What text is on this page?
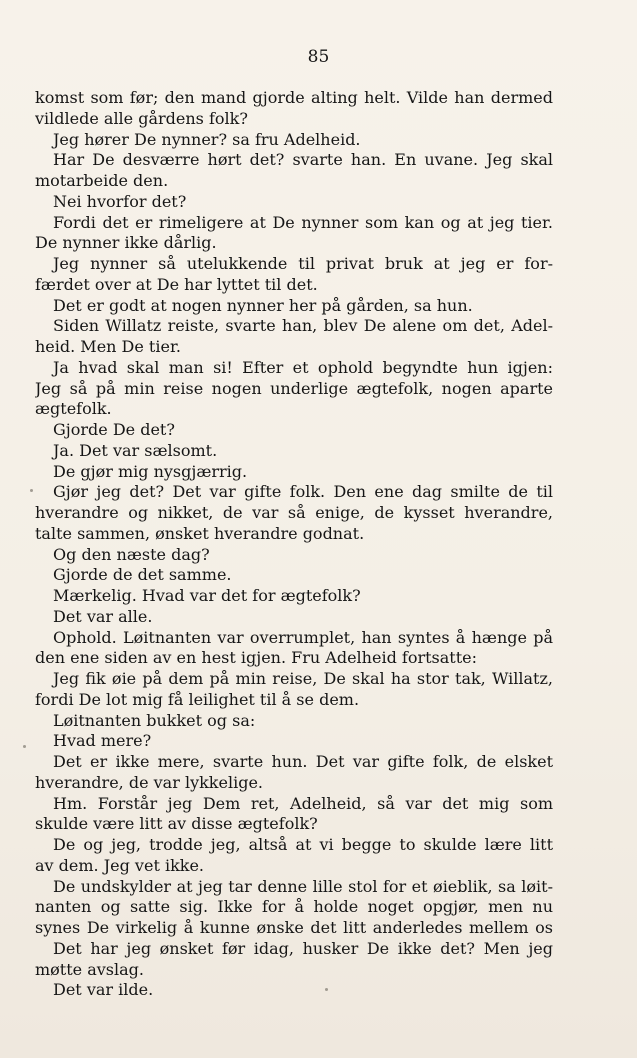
85
komst som før; den mand gjorde alting helt. Vilde han dermed
vildlede alle gårdens folk?
Jeg hører De nynner? sa fru Adelheid.
Har De desværre hørt det? svarte han. En uvane. Jeg skal
motarbeide den.
Nei hvorfor det?
Fordi det er rimeligere at De nynner som kan og at jeg tier.
De nynner ikke dårlig.
Jeg nynner så utelukkende til privat bruk at jeg er for-
færdet over at De har lyttet til det.
Det er godt at nogen nynner her på gården, sa hun.
Siden Willatz reiste, svarte han, blev De alene om det, Adel-
heid. Men De tier.
Ja hvad skal man si! Efter et ophold begyndte hun igjen:
Jeg så på min reise nogen underlige ægtefolk, nogen aparte
ægtefolk.
Gjorde De det?
Ja. Det var sælsomt.
De gjør mig nysgjærrig.
Gjør jeg det? Det var gifte folk. Den ene dag smilte de til
hverandre og nikket, de var så enige, de kysset hverandre,
talte sammen, ønsket hverandre godnat.
Og den næste dag?
Gjorde de det samme.
Mærkelig. Hvad var det for ægtefolk?
Det var alle.
Ophold. Løitnanten var overrumplet, han syntes å hænge på
den ene siden av en hest igjen. Fru Adelheid fortsatte:
Jeg fik øie på dem på min reise, De skal ha stor tak, Willatz,
fordi De lot mig få leilighet til å se dem.
Løitnanten bukket og sa:
Hvad mere?
Det er ikke mere, svarte hun. Det var gifte folk, de elsket
hverandre, de var lykkelige.
Hm. Forstår jeg Dem ret, Adelheid, så var det mig som
skulde være litt av disse ægtefolk?
De og jeg, trodde jeg, altså at vi begge to skulde lære litt
av dem. Jeg vet ikke.
De undskylder at jeg tar denne lille stol for et øieblik, sa løit-
nanten og satte sig. Ikke for å holde noget opgjør, men nu
synes De virkelig å kunne ønske det litt anderledes mellem os
Det har jeg ønsket før idag, husker De ikke det? Men jeg
møtte avslag.
Det var ilde.
